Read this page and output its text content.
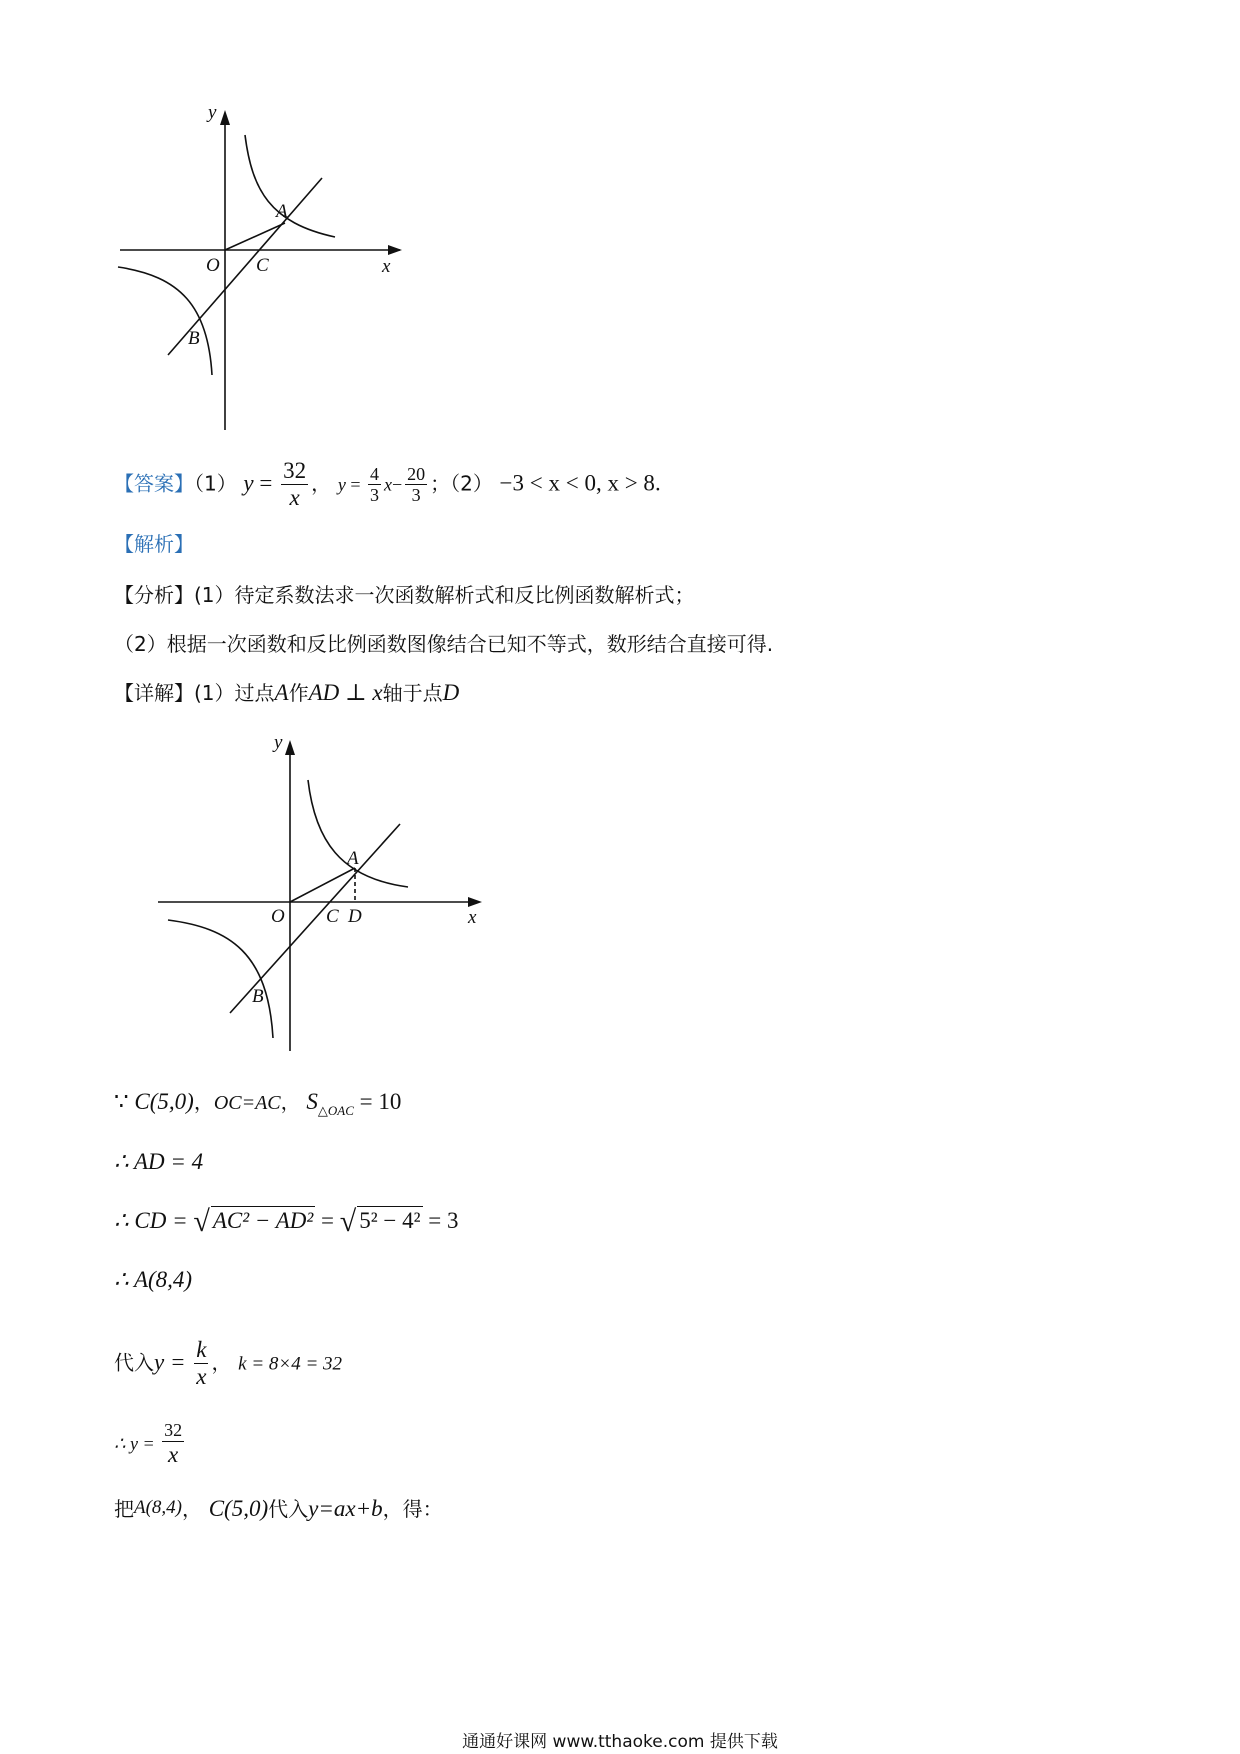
y
x
O C
A
B
【答案】（1） $y = \frac{32}{x}$ ， $y = \frac{4}{3} x- \frac{20}{3}$ ；（2） −3 < x < 0, x > 8.
【解析】
【分析】(1）待定系数法求一次函数解析式和反比例函数解析式；
（2）根据一次函数和反比例函数图像结合已知不等式，数形结合直接可得.
【详解】(1）过点A作AD ⊥ x轴于点D
y
x
O C D
A
B
∵ C(5,0)，OC=AC， $S_{\triangle OAC} = 10$
∴ AD = 4
∴ CD = √ AC² − AD² = √ 5² − 4² = 3
∴ A(8,4)
代入$y = \frac{k}{x}$ ， k = 8×4 = 32
∴ $y = \frac{32}{x}$
把A(8,4)， C(5,0)代入y=ax+b，得：
通通好课网 www.tthaoke.com 提供下载
